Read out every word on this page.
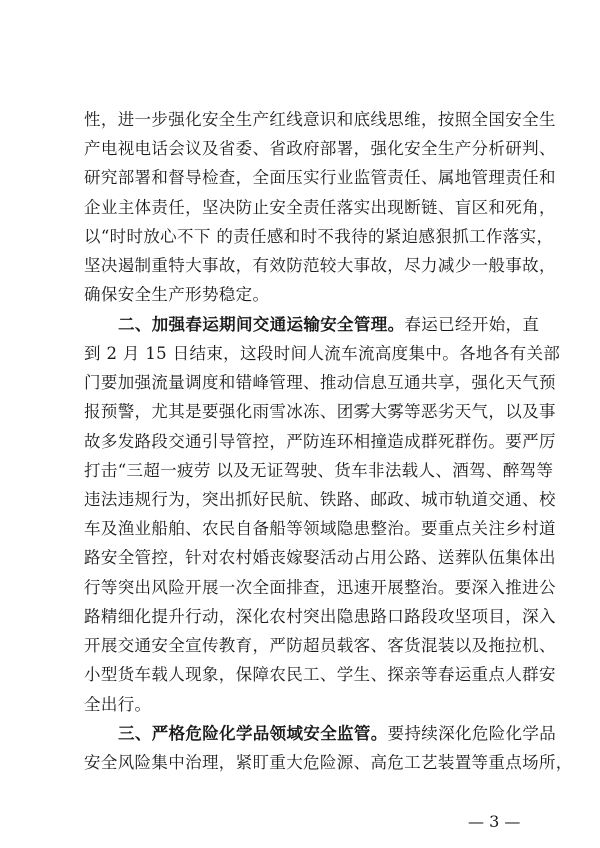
性，进一步强化安全生产红线意识和底线思维，按照全国安全生
产电视电话会议及省委、省政府部署，强化安全生产分析研判、
研究部署和督导检查，全面压实行业监管责任、属地管理责任和
企业主体责任，坚决防止安全责任落实出现断链、盲区和死角，
以“时时放心不下 的责任感和时不我待的紧迫感狠抓工作落实，
坚决遏制重特大事故，有效防范较大事故，尽力减少一般事故，
确保安全生产形势稳定。
二、加强春运期间交通运输安全管理。春运已经开始，直
到 2 月 15 日结束，这段时间人流车流高度集中。各地各有关部
门要加强流量调度和错峰管理、推动信息互通共享，强化天气预
报预警，尤其是要强化雨雪冰冻、团雾大雾等恶劣天气，以及事
故多发路段交通引导管控，严防连环相撞造成群死群伤。要严厉
打击“三超一疲劳 以及无证驾驶、货车非法载人、酒驾、醉驾等
违法违规行为，突出抓好民航、铁路、邮政、城市轨道交通、校
车及渔业船舶、农民自备船等领域隐患整治。要重点关注乡村道
路安全管控，针对农村婚丧嫁娶活动占用公路、送葬队伍集体出
行等突出风险开展一次全面排查，迅速开展整治。要深入推进公
路精细化提升行动，深化农村突出隐患路口路段攻坚项目，深入
开展交通安全宣传教育，严防超员载客、客货混装以及拖拉机、
小型货车载人现象，保障农民工、学生、探亲等春运重点人群安
全出行。
三、严格危险化学品领域安全监管。要持续深化危险化学品
安全风险集中治理，紧盯重大危险源、高危工艺装置等重点场所，
— 3 —
